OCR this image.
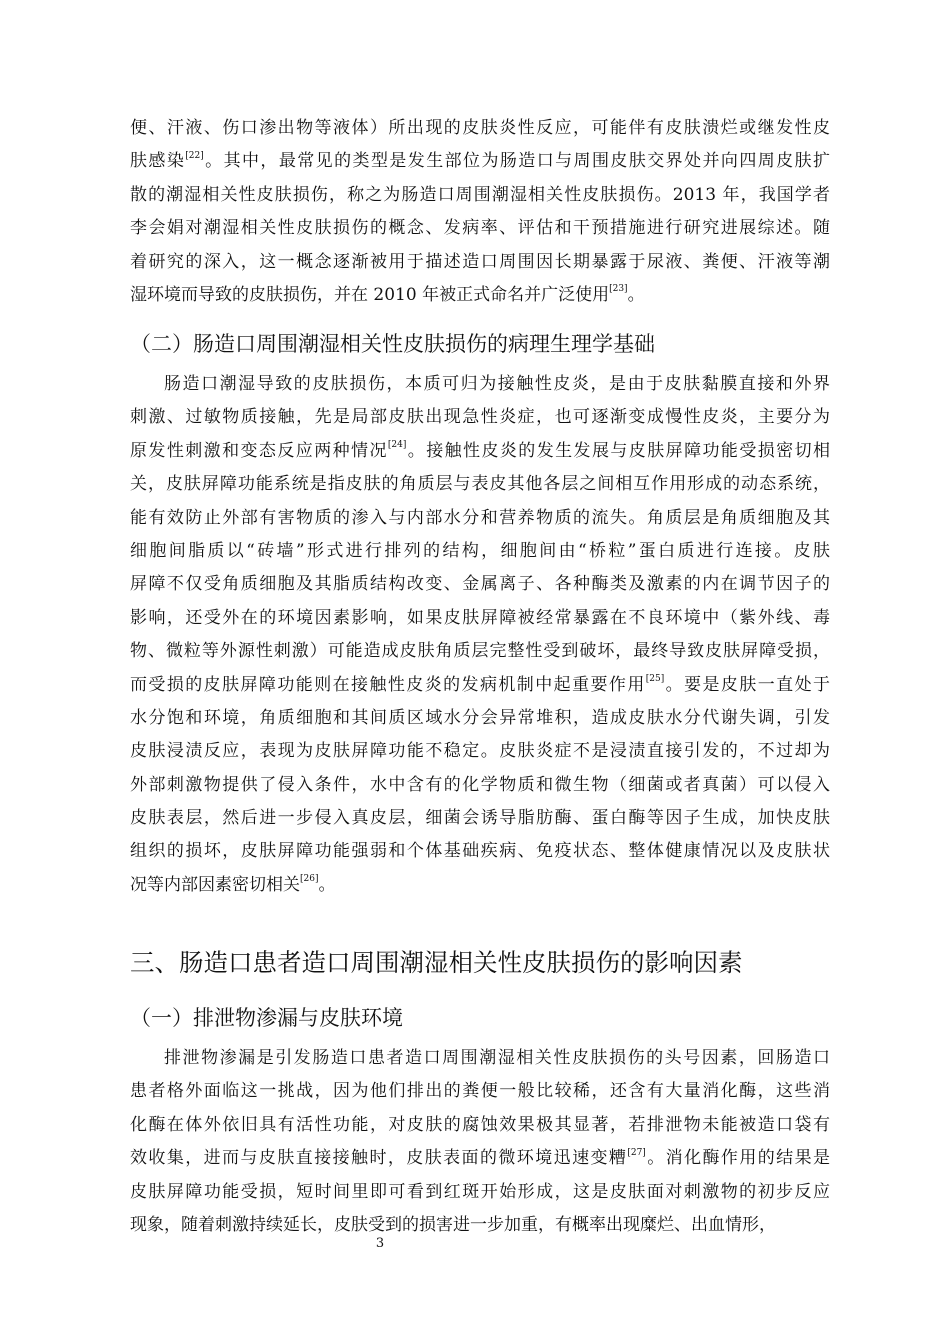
便、汗液、伤口渗出物等液体）所出现的皮肤炎性反应，可能伴有皮肤溃烂或继发性皮
肤感染[22]。其中，最常见的类型是发生部位为肠造口与周围皮肤交界处并向四周皮肤扩
散的潮湿相关性皮肤损伤，称之为肠造口周围潮湿相关性皮肤损伤。2013 年，我国学者
李会娟对潮湿相关性皮肤损伤的概念、发病率、评估和干预措施进行研究进展综述。随
着研究的深入，这一概念逐渐被用于描述造口周围因长期暴露于尿液、粪便、汗液等潮
湿环境而导致的皮肤损伤，并在 2010 年被正式命名并广泛使用[23]。
（二）肠造口周围潮湿相关性皮肤损伤的病理生理学基础
肠造口潮湿导致的皮肤损伤，本质可归为接触性皮炎，是由于皮肤黏膜直接和外界
刺激、过敏物质接触，先是局部皮肤出现急性炎症，也可逐渐变成慢性皮炎，主要分为
原发性刺激和变态反应两种情况[24]。接触性皮炎的发生发展与皮肤屏障功能受损密切相
关，皮肤屏障功能系统是指皮肤的角质层与表皮其他各层之间相互作用形成的动态系统，
能有效防止外部有害物质的渗入与内部水分和营养物质的流失。角质层是角质细胞及其
细胞间脂质以“砖墙”形式进行排列的结构，细胞间由“桥粒”蛋白质进行连接。皮肤
屏障不仅受角质细胞及其脂质结构改变、金属离子、各种酶类及激素的内在调节因子的
影响，还受外在的环境因素影响，如果皮肤屏障被经常暴露在不良环境中（紫外线、毒
物、微粒等外源性刺激）可能造成皮肤角质层完整性受到破坏，最终导致皮肤屏障受损，
而受损的皮肤屏障功能则在接触性皮炎的发病机制中起重要作用[25]。要是皮肤一直处于
水分饱和环境，角质细胞和其间质区域水分会异常堆积，造成皮肤水分代谢失调，引发
皮肤浸渍反应，表现为皮肤屏障功能不稳定。皮肤炎症不是浸渍直接引发的，不过却为
外部刺激物提供了侵入条件，水中含有的化学物质和微生物（细菌或者真菌）可以侵入
皮肤表层，然后进一步侵入真皮层，细菌会诱导脂肪酶、蛋白酶等因子生成，加快皮肤
组织的损坏，皮肤屏障功能强弱和个体基础疾病、免疫状态、整体健康情况以及皮肤状
况等内部因素密切相关[26]。
三、肠造口患者造口周围潮湿相关性皮肤损伤的影响因素
（一）排泄物渗漏与皮肤环境
排泄物渗漏是引发肠造口患者造口周围潮湿相关性皮肤损伤的头号因素，回肠造口
患者格外面临这一挑战，因为他们排出的粪便一般比较稀，还含有大量消化酶，这些消
化酶在体外依旧具有活性功能，对皮肤的腐蚀效果极其显著，若排泄物未能被造口袋有
效收集，进而与皮肤直接接触时，皮肤表面的微环境迅速变糟[27]。消化酶作用的结果是
皮肤屏障功能受损，短时间里即可看到红斑开始形成，这是皮肤面对刺激物的初步反应
现象，随着刺激持续延长，皮肤受到的损害进一步加重，有概率出现糜烂、出血情形，
3
